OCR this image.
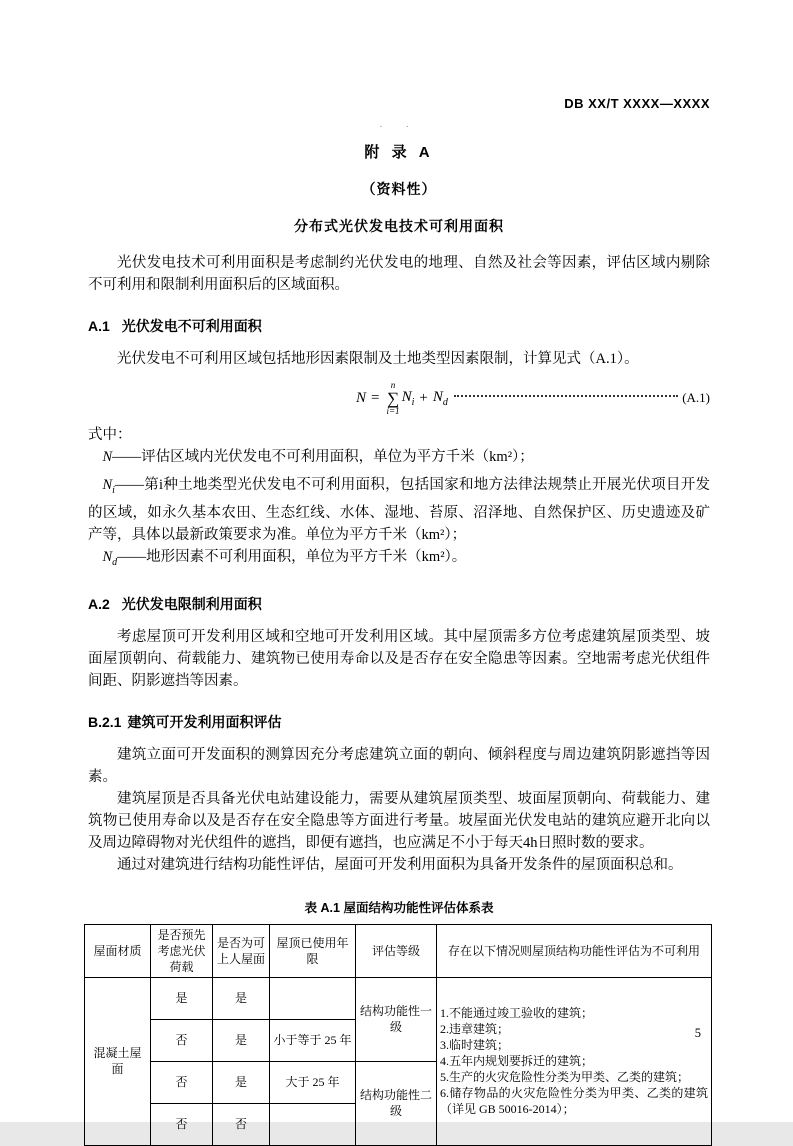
DB XX/T XXXX—XXXX
· ·
附 录 A
（资料性）
分布式光伏发电技术可利用面积

光伏发电技术可利用面积是考虑制约光伏发电的地理、自然及社会等因素，评估区域内剔除不可利用和限制利用面积后的区域面积。

A.1 光伏发电不可利用面积

光伏发电不可利用区域包括地形因素限制及土地类型因素限制，计算见式（A.1）。

N =
n
∑
i=1
$N_i + N_d$	(A.1)

式中：

N——评估区域内光伏发电不可利用面积，单位为平方千米（km²）；

$N_i——$第i种土地类型光伏发电不可利用面积，包括国家和地方法律法规禁止开展光伏项目开发的区域，如永久基本农田、生态红线、水体、湿地、苔原、沼泽地、自然保护区、历史遗迹及矿产等，具体以最新政策要求为准。单位为平方千米（km²）；

$N_d——$地形因素不可利用面积，单位为平方千米（km²）。

A.2 光伏发电限制利用面积

考虑屋顶可开发利用区域和空地可开发利用区域。其中屋顶需多方位考虑建筑屋顶类型、坡面屋顶朝向、荷载能力、建筑物已使用寿命以及是否存在安全隐患等因素。空地需考虑光伏组件间距、阴影遮挡等因素。

B.2.1 建筑可开发利用面积评估

建筑立面可开发面积的测算因充分考虑建筑立面的朝向、倾斜程度与周边建筑阴影遮挡等因素。

建筑屋顶是否具备光伏电站建设能力，需要从建筑屋顶类型、坡面屋顶朝向、荷载能力、建筑物已使用寿命以及是否存在安全隐患等方面进行考量。坡屋面光伏发电站的建筑应避开北向以及周边障碍物对光伏组件的遮挡，即便有遮挡，也应满足不小于每天4h日照时数的要求。

通过对建筑进行结构功能性评估，屋面可开发利用面积为具备开发条件的屋顶面积总和。

表 A.1 屋面结构功能性评估体系表
屋面材质	是否预先考虑光伏荷载	是否为可上人屋面	屋顶已使用年限	评估等级	存在以下情况则屋顶结构功能性评估为不可利用
混凝土屋面	是	是		结构功能性一级	
1.不能通过竣工验收的建筑；
2.违章建筑；
3.临时建筑；
4.五年内规划要拆迁的建筑；
5.生产的火灾危险性分类为甲类、乙类的建筑；
6.储存物品的火灾危险性分类为甲类、乙类的建筑（详见 GB 50016-2014）；

	否	是	小于等于 25 年		
	否	是	大于 25 年	结构功能性二级	
	否	否			
5
